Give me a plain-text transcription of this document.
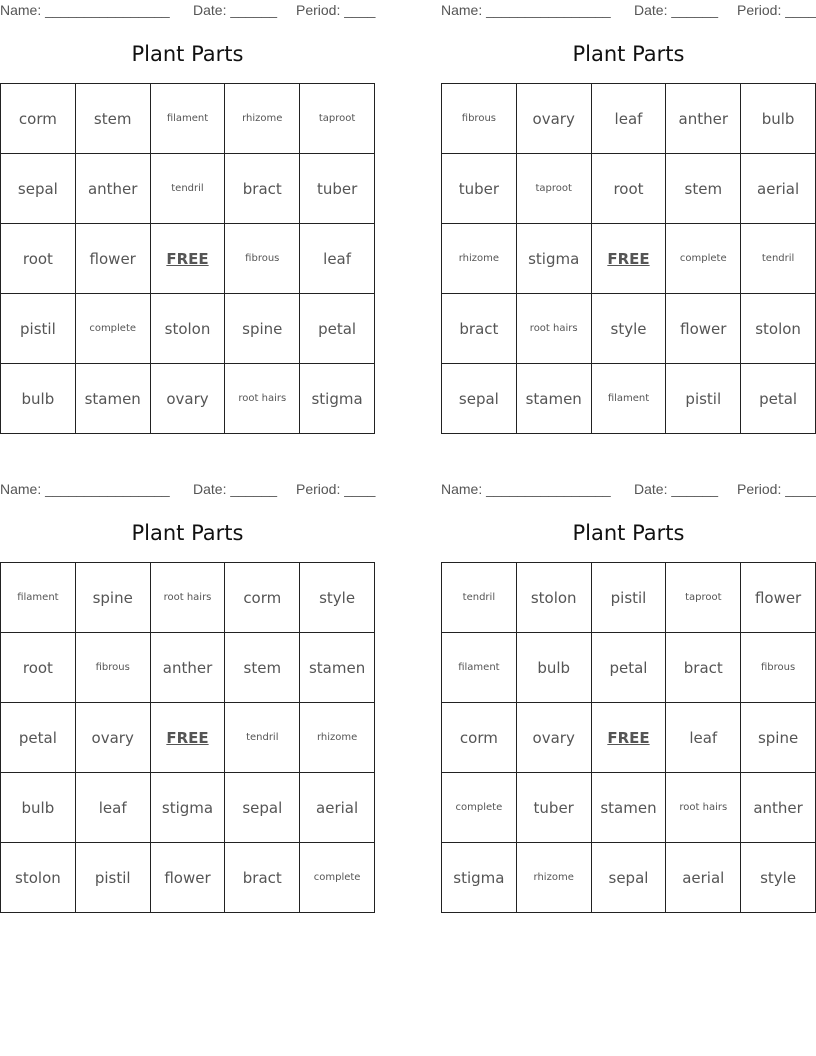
Name: ________________ Date: ______ Period: ____
Plant Parts
corm	stem	filament	rhizome	taproot
sepal	anther	tendril	bract	tuber
root	flower	FREE	fibrous	leaf
pistil	complete	stolon	spine	petal
bulb	stamen	ovary	root hairs	stigma
Name: ________________ Date: ______ Period: ____
Plant Parts
fibrous	ovary	leaf	anther	bulb
tuber	taproot	root	stem	aerial
rhizome	stigma	FREE	complete	tendril
bract	root hairs	style	flower	stolon
sepal	stamen	filament	pistil	petal
Name: ________________ Date: ______ Period: ____
Plant Parts
filament	spine	root hairs	corm	style
root	fibrous	anther	stem	stamen
petal	ovary	FREE	tendril	rhizome
bulb	leaf	stigma	sepal	aerial
stolon	pistil	flower	bract	complete
Name: ________________ Date: ______ Period: ____
Plant Parts
tendril	stolon	pistil	taproot	flower
filament	bulb	petal	bract	fibrous
corm	ovary	FREE	leaf	spine
complete	tuber	stamen	root hairs	anther
stigma	rhizome	sepal	aerial	style
